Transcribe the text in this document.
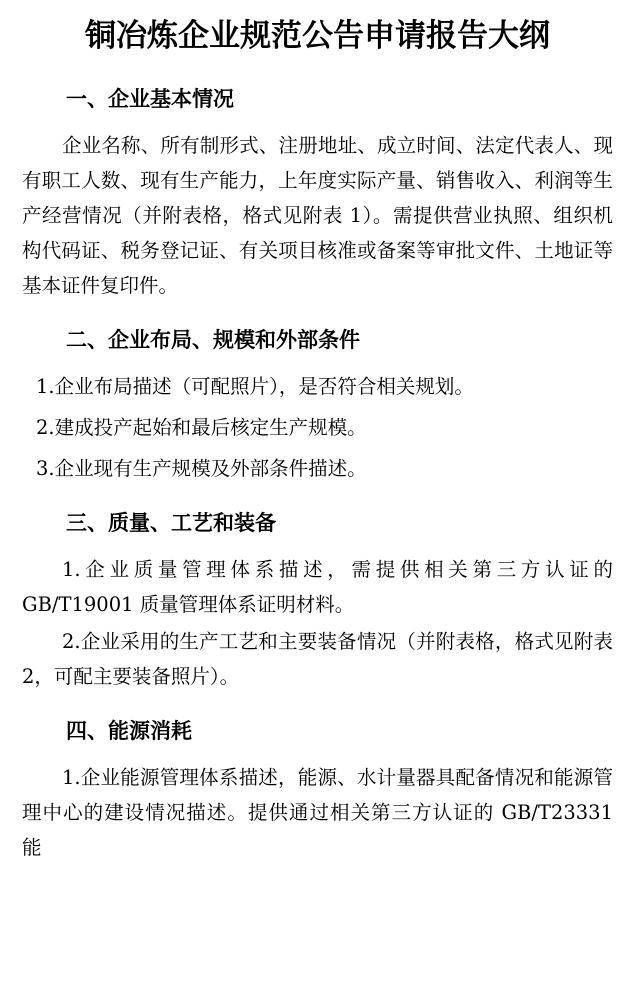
铜冶炼企业规范公告申请报告大纲
一、企业基本情况

企业名称、所有制形式、注册地址、成立时间、法定代表人、现有职工人数、现有生产能力，上年度实际产量、销售收入、利润等生产经营情况（并附表格，格式见附表 1）。需提供营业执照、组织机构代码证、税务登记证、有关项目核准或备案等审批文件、土地证等基本证件复印件。

二、企业布局、规模和外部条件

1.企业布局描述（可配照片），是否符合相关规划。

2.建成投产起始和最后核定生产规模。

3.企业现有生产规模及外部条件描述。

三、质量、工艺和装备

1.企业质量管理体系描述，需提供相关第三方认证的 GB/T19001 质量管理体系证明材料。

2.企业采用的生产工艺和主要装备情况（并附表格，格式见附表 2，可配主要装备照片）。

四、能源消耗

1.企业能源管理体系描述，能源、水计量器具配备情况和能源管理中心的建设情况描述。提供通过相关第三方认证的 GB/T23331 能
